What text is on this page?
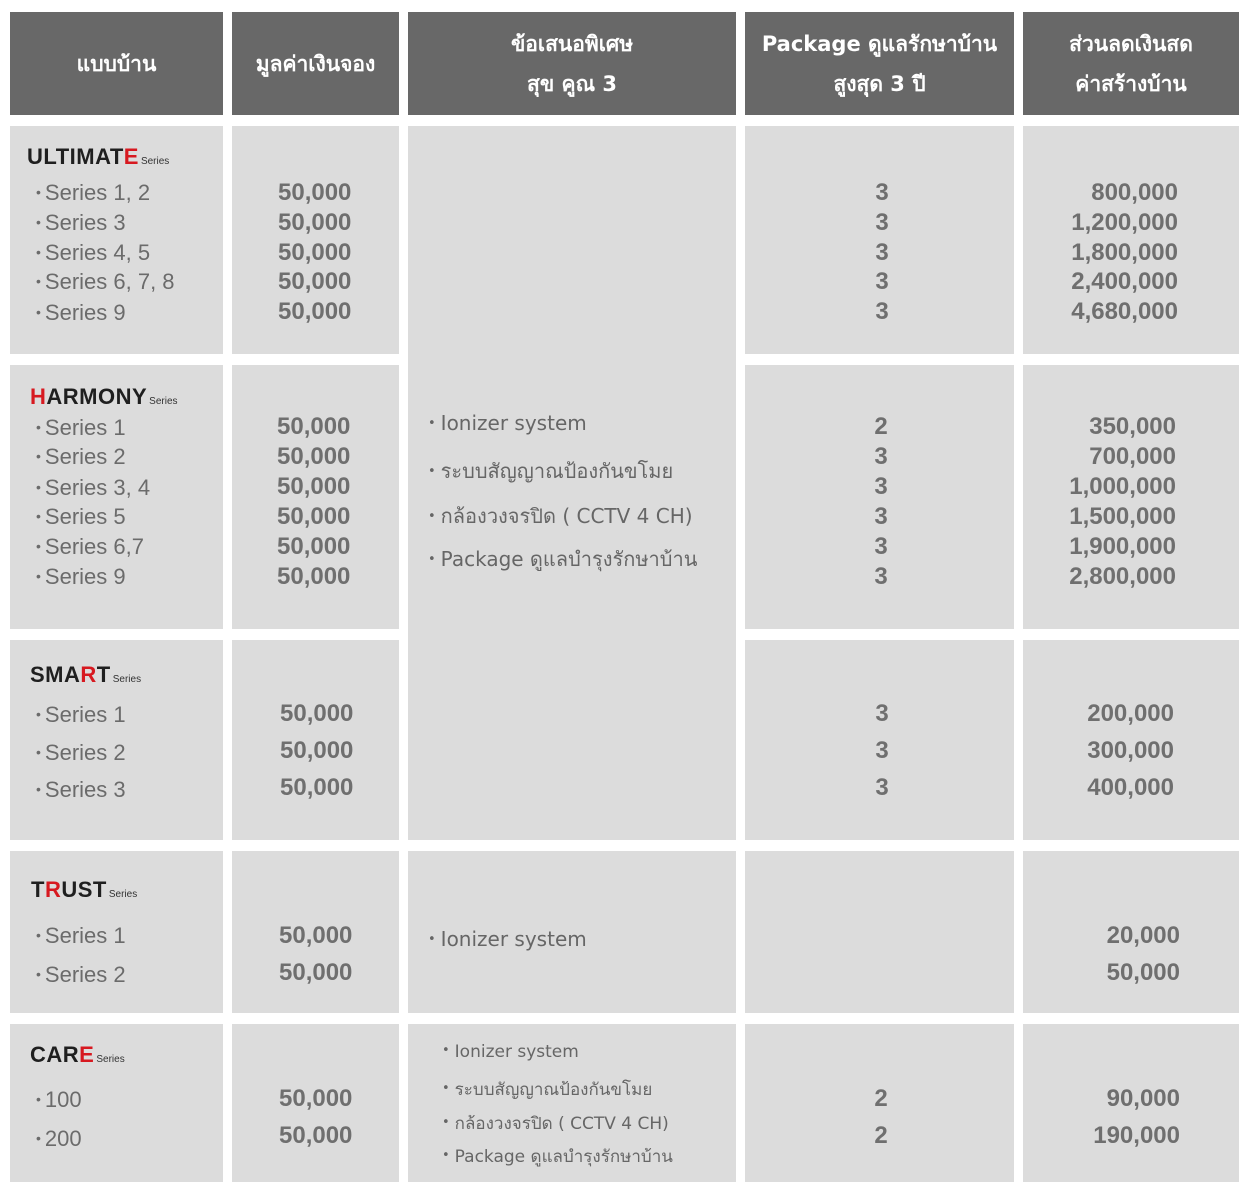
แบบบ้าน	มูลค่าเงินจอง
ข้อเสนอพิเศษ
สุข คูณ 3
Package ดูแลรักษาบ้าน
สูงสุด 3 ปี
ส่วนลดเงินสด
ค่าสร้างบ้าน
ULTIMATE Series
HARMONY Series
SMART Series
TRUST Series
CARE Series
• Series 1, 2
• Series 3
• Series 4, 5
• Series 6, 7, 8
• Series 9
50,000
50,000
50,000
50,000
50,000
3
3
3
3
3
800,000
1,200,000
1,800,000
2,400,000
4,680,000
• Series 1
• Series 2
• Series 3, 4
• Series 5
• Series 6,7
• Series 9
50,000
50,000
50,000
50,000
50,000
50,000
2
3
3
3
3
3
350,000
700,000
1,000,000
1,500,000
1,900,000
2,800,000
• Ionizer system
• ระบบสัญญาณป้องกันขโมย
• กล้องวงจรปิด ( CCTV 4 CH)
• Package ดูแลบำรุงรักษาบ้าน
• Series 1
• Series 2
• Series 3
50,000
50,000
50,000
3
3
3
200,000
300,000
400,000
• Series 1
• Series 2
50,000
50,000
• Ionizer system	20,000
50,000
• 100
• 200
50,000
50,000
• Ionizer system
• ระบบสัญญาณป้องกันขโมย
• กล้องวงจรปิด ( CCTV 4 CH)
• Package ดูแลบำรุงรักษาบ้าน
2
2
90,000
190,000
